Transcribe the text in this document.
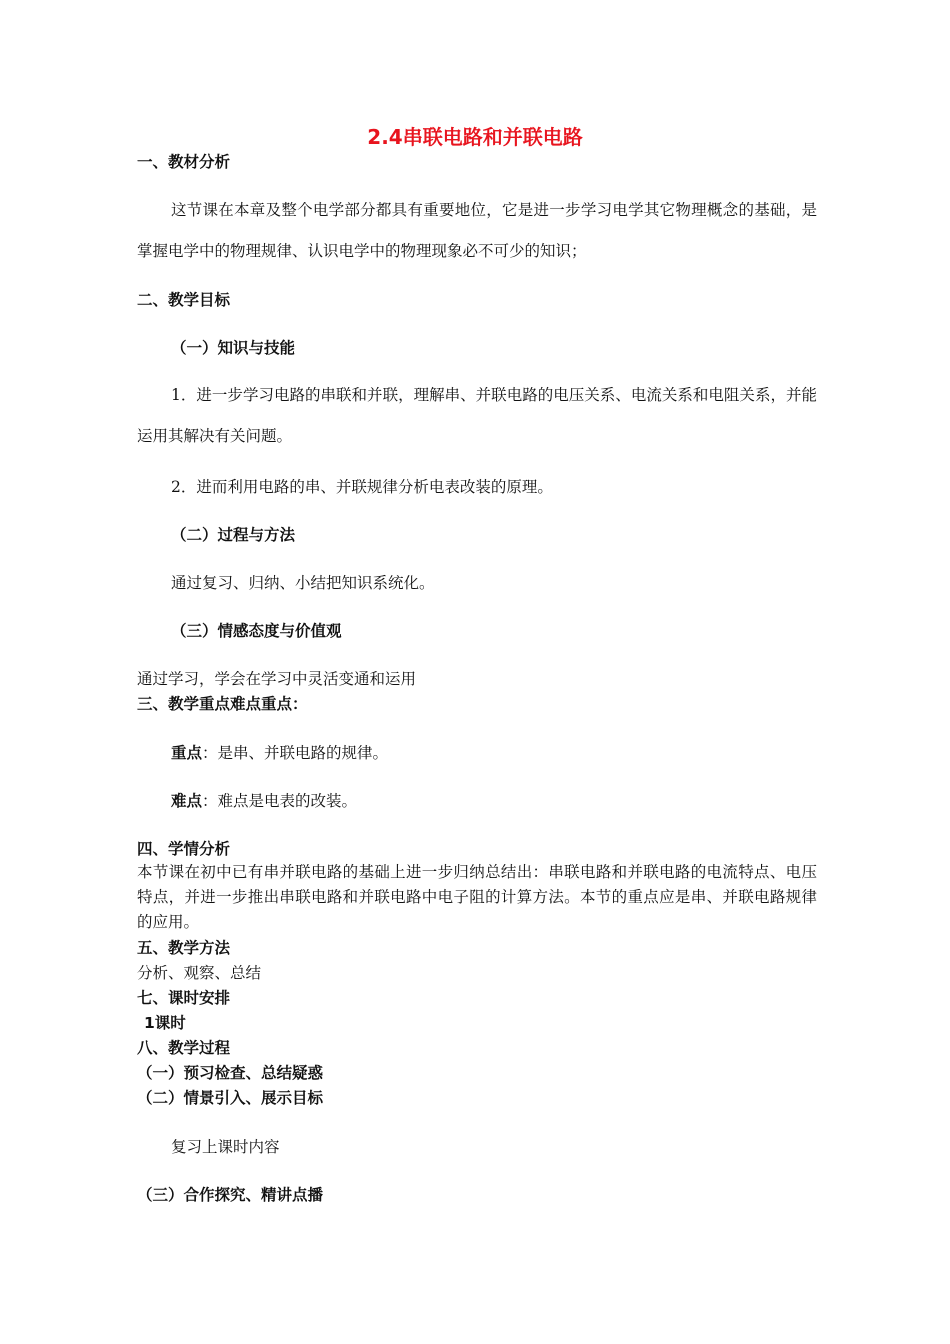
2.4串联电路和并联电路
一、教材分析
这节课在本章及整个电学部分都具有重要地位，它是进一步学习电学其它物理概念的基础，是掌握电学中的物理规律、认识电学中的物理现象必不可少的知识；
二、教学目标
（一）知识与技能
1．进一步学习电路的串联和并联，理解串、并联电路的电压关系、电流关系和电阻关系，并能运用其解决有关问题。
2．进而利用电路的串、并联规律分析电表改装的原理。
（二）过程与方法
通过复习、归纳、小结把知识系统化。
（三）情感态度与价值观
通过学习，学会在学习中灵活变通和运用
三、教学重点难点重点：
重点：是串、并联电路的规律。
难点：难点是电表的改装。
四、学情分析
本节课在初中已有串并联电路的基础上进一步归纳总结出：串联电路和并联电路的电流特点、电压特点，并进一步推出串联电路和并联电路中电子阻的计算方法。本节的重点应是串、并联电路规律的应用。
五、教学方法
分析、观察、总结
七、课时安排
1课时
八、教学过程
（一）预习检查、总结疑惑
（二）情景引入、展示目标
复习上课时内容
（三）合作探究、精讲点播
